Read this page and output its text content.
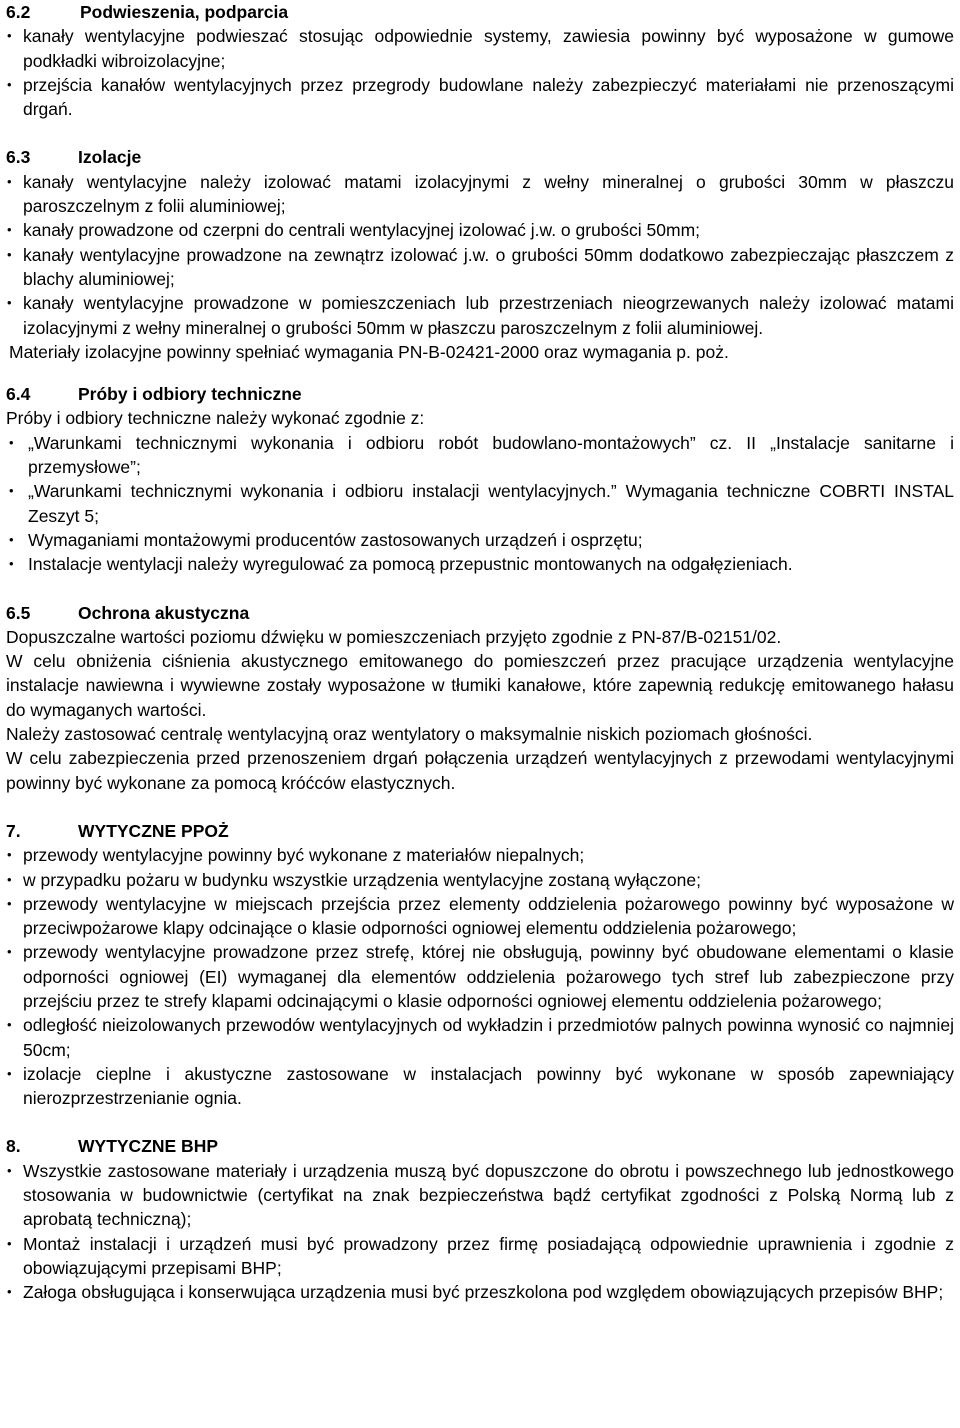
6.2	Podwieszenia, podparcia
• kanały wentylacyjne podwieszać stosując odpowiednie systemy, zawiesia powinny być wyposażone w gumowe podkładki wibroizolacyjne;
• przejścia kanałów wentylacyjnych przez przegrody budowlane należy zabezpieczyć materiałami nie przenoszącymi drgań.
6.3	Izolacje
• kanały wentylacyjne należy izolować matami izolacyjnymi z wełny mineralnej o grubości 30mm w płaszczu paroszczelnym z folii aluminiowej;
• kanały prowadzone od czerpni do centrali wentylacyjnej izolować j.w. o grubości 50mm;
• kanały wentylacyjne prowadzone na zewnątrz izolować j.w. o grubości 50mm dodatkowo zabezpieczając płaszczem z blachy aluminiowej;
• kanały wentylacyjne prowadzone w pomieszczeniach lub przestrzeniach nieogrzewanych należy izolować matami izolacyjnymi z wełny mineralnej o grubości 50mm w płaszczu paroszczelnym z folii aluminiowej.

Materiały izolacyjne powinny spełniać wymagania PN-B-02421-2000 oraz wymagania p. poż.

6.4	Próby i odbiory techniczne

Próby i odbiory techniczne należy wykonać zgodnie z:

• „Warunkami technicznymi wykonania i odbioru robót budowlano-montażowych” cz. II „Instalacje sanitarne i przemysłowe”;
• „Warunkami technicznymi wykonania i odbioru instalacji wentylacyjnych.” Wymagania techniczne COBRTI INSTAL Zeszyt 5;
• Wymaganiami montażowymi producentów zastosowanych urządzeń i osprzętu;
• Instalacje wentylacji należy wyregulować za pomocą przepustnic montowanych na odgałęzieniach.
6.5	Ochrona akustyczna

Dopuszczalne wartości poziomu dźwięku w pomieszczeniach przyjęto zgodnie z PN-87/B-02151/02.

W celu obniżenia ciśnienia akustycznego emitowanego do pomieszczeń przez pracujące urządzenia wentylacyjne instalacje nawiewna i wywiewne zostały wyposażone w tłumiki kanałowe, które zapewnią redukcję emitowanego hałasu do wymaganych wartości.

Należy zastosować centralę wentylacyjną oraz wentylatory o maksymalnie niskich poziomach głośności.

W celu zabezpieczenia przed przenoszeniem drgań połączenia urządzeń wentylacyjnych z przewodami wentylacyjnymi powinny być wykonane za pomocą króćców elastycznych.

7.	WYTYCZNE PPOŻ
• przewody wentylacyjne powinny być wykonane z materiałów niepalnych;
• w przypadku pożaru w budynku wszystkie urządzenia wentylacyjne zostaną wyłączone;
• przewody wentylacyjne w miejscach przejścia przez elementy oddzielenia pożarowego powinny być wyposażone w przeciwpożarowe klapy odcinające o klasie odporności ogniowej elementu oddzielenia pożarowego;
• przewody wentylacyjne prowadzone przez strefę, której nie obsługują, powinny być obudowane elementami o klasie odporności ogniowej (EI) wymaganej dla elementów oddzielenia pożarowego tych stref lub zabezpieczone przy przejściu przez te strefy klapami odcinającymi o klasie odporności ogniowej elementu oddzielenia pożarowego;
• odległość nieizolowanych przewodów wentylacyjnych od wykładzin i przedmiotów palnych powinna wynosić co najmniej 50cm;
• izolacje cieplne i akustyczne zastosowane w instalacjach powinny być wykonane w sposób zapewniający nierozprzestrzenianie ognia.
8.	WYTYCZNE BHP
• Wszystkie zastosowane materiały i urządzenia muszą być dopuszczone do obrotu i powszechnego lub jednostkowego stosowania w budownictwie (certyfikat na znak bezpieczeństwa bądź certyfikat zgodności z Polską Normą lub z aprobatą techniczną);
• Montaż instalacji i urządzeń musi być prowadzony przez firmę posiadającą odpowiednie uprawnienia i zgodnie z obowiązującymi przepisami BHP;
• Załoga obsługująca i konserwująca urządzenia musi być przeszkolona pod względem obowiązujących przepisów BHP;
